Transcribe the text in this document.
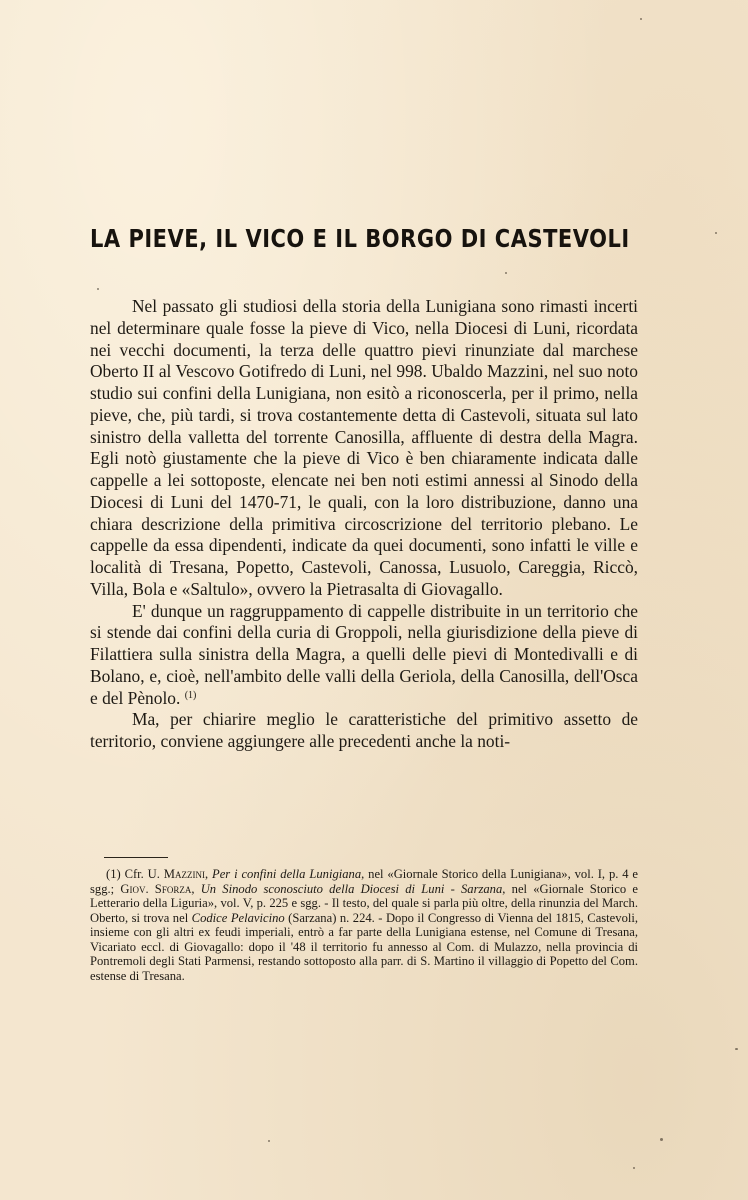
LA PIEVE, IL VICO E IL BORGO DI CASTEVOLI

Nel passato gli studiosi della storia della Lunigiana sono rimasti incerti nel determinare quale fosse la pieve di Vico, nella Diocesi di Luni, ricordata nei vecchi documenti, la terza delle quattro pievi rinunziate dal marchese Oberto II al Vescovo Gotifredo di Luni, nel 998. Ubaldo Mazzini, nel suo noto studio sui confini della Lunigiana, non esitò a riconoscerla, per il primo, nella pieve, che, più tardi, si trova costantemente detta di Castevoli, situata sul lato sinistro della valletta del torrente Canosilla, affluente di destra della Magra. Egli notò giustamente che la pieve di Vico è ben chiaramente indicata dalle cappelle a lei sottoposte, elencate nei ben noti estimi annessi al Sinodo della Diocesi di Luni del 1470-71, le quali, con la loro distribuzione, danno una chiara descrizione della primitiva circoscrizione del territorio plebano. Le cappelle da essa dipendenti, indicate da quei documenti, sono infatti le ville e località di Tresana, Popetto, Castevoli, Canossa, Lusuolo, Careggia, Riccò, Villa, Bola e «Saltulo», ovvero la Pietrasalta di Giovagallo.

E' dunque un raggruppamento di cappelle distribuite in un territorio che si stende dai confini della curia di Groppoli, nella giurisdizione della pieve di Filattiera sulla sinistra della Magra, a quelli delle pievi di Montedivalli e di Bolano, e, cioè, nell'ambito delle valli della Geriola, della Canosilla, dell'Osca e del Pènolo. $^{(1)}$

Ma, per chiarire meglio le caratteristiche del primitivo assetto de territorio, conviene aggiungere alle precedenti anche la noti-

(1) Cfr. U. Mazzini, Per i confini della Lunigiana, nel «Giornale Storico della Lunigiana», vol. I, p. 4 e sgg.; Giov. Sforza, Un Sinodo sconosciuto della Diocesi di Luni - Sarzana, nel «Giornale Storico e Letterario della Liguria», vol. V, p. 225 e sgg. - Il testo, del quale si parla più oltre, della rinunzia del March. Oberto, si trova nel Codice Pelavicino (Sarzana) n. 224. - Dopo il Congresso di Vienna del 1815, Castevoli, insieme con gli altri ex feudi imperiali, entrò a far parte della Lunigiana estense, nel Comune di Tresana, Vicariato eccl. di Giovagallo: dopo il '48 il territorio fu annesso al Com. di Mulazzo, nella provincia di Pontremoli degli Stati Parmensi, restando sottoposto alla parr. di S. Martino il villaggio di Popetto del Com. estense di Tresana.
